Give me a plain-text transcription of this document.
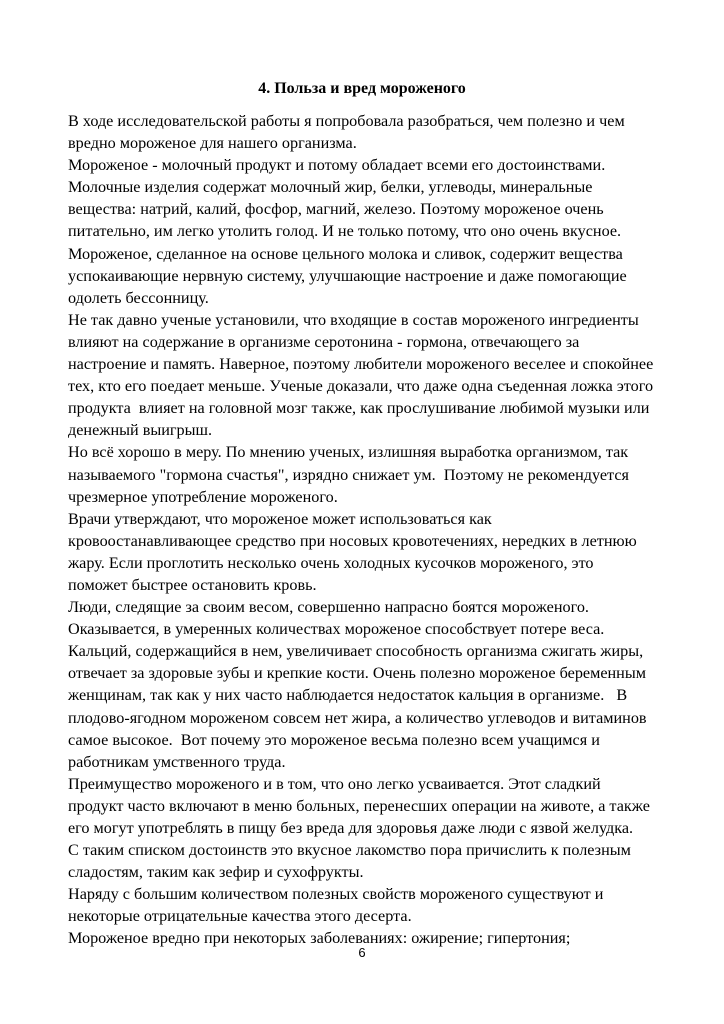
4. Польза и вред мороженого
В ходе исследовательской работы я попробовала разобраться, чем полезно и чем
вредно мороженое для нашего организма.
Мороженое - молочный продукт и потому обладает всеми его достоинствами.
Молочные изделия содержат молочный жир, белки, углеводы, минеральные
вещества: натрий, калий, фосфор, магний, железо. Поэтому мороженое очень
питательно, им легко утолить голод. И не только потому, что оно очень вкусное.
Мороженое, сделанное на основе цельного молока и сливок, содержит вещества
успокаивающие нервную систему, улучшающие настроение и даже помогающие
одолеть бессонницу.
Не так давно ученые установили, что входящие в состав мороженого ингредиенты
влияют на содержание в организме серотонина - гормона, отвечающего за
настроение и память. Наверное, поэтому любители мороженого веселее и спокойнее
тех, кто его поедает меньше. Ученые доказали, что даже одна съеденная ложка этого
продукта  влияет на головной мозг также, как прослушивание любимой музыки или
денежный выигрыш.
Но всё хорошо в меру. По мнению ученых, излишняя выработка организмом, так
называемого "гормона счастья", изрядно снижает ум.  Поэтому не рекомендуется
чрезмерное употребление мороженого.
Врачи утверждают, что мороженое может использоваться как
кровоостанавливающее средство при носовых кровотечениях, нередких в летнюю
жару. Если проглотить несколько очень холодных кусочков мороженого, это
поможет быстрее остановить кровь.
Люди, следящие за своим весом, совершенно напрасно боятся мороженого.
Оказывается, в умеренных количествах мороженое способствует потере веса.
Кальций, содержащийся в нем, увеличивает способность организма сжигать жиры,
отвечает за здоровые зубы и крепкие кости. Очень полезно мороженое беременным
женщинам, так как у них часто наблюдается недостаток кальция в организме.   В
плодово-ягодном мороженом совсем нет жира, а количество углеводов и витаминов
самое высокое.  Вот почему это мороженое весьма полезно всем учащимся и
работникам умственного труда.
Преимущество мороженого и в том, что оно легко усваивается. Этот сладкий
продукт часто включают в меню больных, перенесших операции на животе, а также
его могут употреблять в пищу без вреда для здоровья даже люди с язвой желудка.
С таким списком достоинств это вкусное лакомство пора причислить к полезным
сладостям, таким как зефир и сухофрукты.
Наряду с большим количеством полезных свойств мороженого существуют и
некоторые отрицательные качества этого десерта.
Мороженое вредно при некоторых заболеваниях: ожирение; гипертония;
6
